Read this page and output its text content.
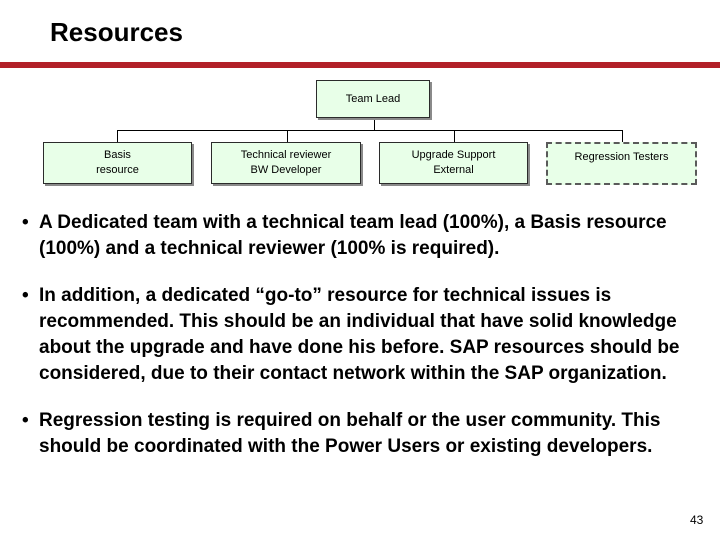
Resources
Team Lead
Basis
resource
Technical reviewer
BW Developer
Upgrade Support
External
Regression Testers
• A Dedicated team with a technical team lead (100%), a Basis resource (100%) and a technical reviewer (100% is required).
• In addition, a dedicated “go-to” resource for technical issues is recommended. This should be an individual that have solid knowledge about the upgrade and have done his before. SAP resources should be considered, due to their contact network within the SAP organization.
• Regression testing is required on behalf or the user community. This should be coordinated with the Power Users or existing developers.
43
